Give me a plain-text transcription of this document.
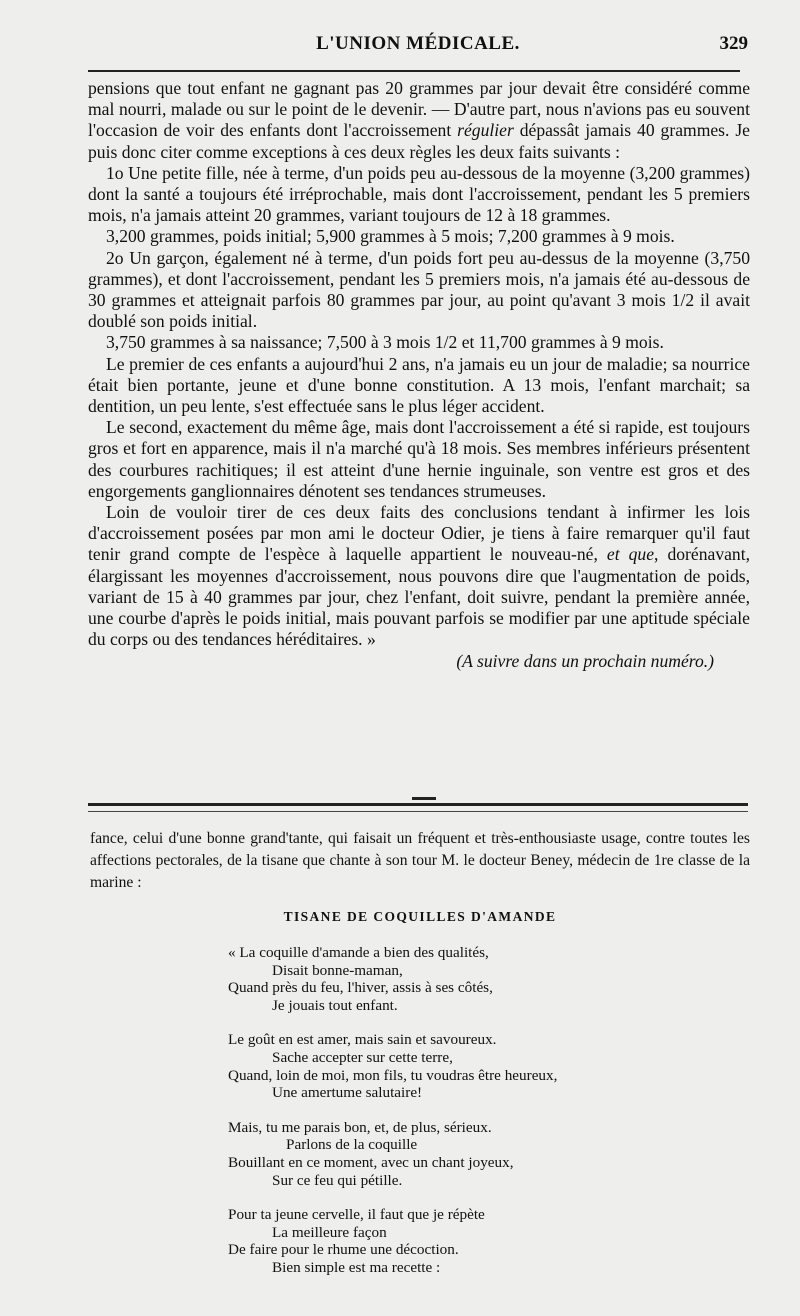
L'UNION MÉDICALE.	329

pensions que tout enfant ne gagnant pas 20 grammes par jour devait être considéré comme mal nourri, malade ou sur le point de le devenir. — D'autre part, nous n'avions pas eu souvent l'occasion de voir des enfants dont l'accroissement régulier dépassât jamais 40 grammes. Je puis donc citer comme exceptions à ces deux règles les deux faits suivants :

1o Une petite fille, née à terme, d'un poids peu au-dessous de la moyenne (3,200 grammes) dont la santé a toujours été irréprochable, mais dont l'accroissement, pendant les 5 premiers mois, n'a jamais atteint 20 grammes, variant toujours de 12 à 18 grammes.

3,200 grammes, poids initial; 5,900 grammes à 5 mois; 7,200 grammes à 9 mois.

2o Un garçon, également né à terme, d'un poids fort peu au-dessus de la moyenne (3,750 grammes), et dont l'accroissement, pendant les 5 premiers mois, n'a jamais été au-dessous de 30 grammes et atteignait parfois 80 grammes par jour, au point qu'avant 3 mois 1/2 il avait doublé son poids initial.

3,750 grammes à sa naissance; 7,500 à 3 mois 1/2 et 11,700 grammes à 9 mois.

Le premier de ces enfants a aujourd'hui 2 ans, n'a jamais eu un jour de maladie; sa nourrice était bien portante, jeune et d'une bonne constitution. A 13 mois, l'enfant marchait; sa dentition, un peu lente, s'est effectuée sans le plus léger accident.

Le second, exactement du même âge, mais dont l'accroissement a été si rapide, est toujours gros et fort en apparence, mais il n'a marché qu'à 18 mois. Ses membres inférieurs présentent des courbures rachitiques; il est atteint d'une hernie inguinale, son ventre est gros et des engorgements ganglionnaires dénotent ses tendances strumeuses.

Loin de vouloir tirer de ces deux faits des conclusions tendant à infirmer les lois d'accroissement posées par mon ami le docteur Odier, je tiens à faire remarquer qu'il faut tenir grand compte de l'espèce à laquelle appartient le nouveau-né, et que, dorénavant, élargissant les moyennes d'accroissement, nous pouvons dire que l'augmentation de poids, variant de 15 à 40 grammes par jour, chez l'enfant, doit suivre, pendant la première année, une courbe d'après le poids initial, mais pouvant parfois se modifier par une aptitude spéciale du corps ou des tendances héréditaires. »

(A suivre dans un prochain numéro.)

fance, celui d'une bonne grand'tante, qui faisait un fréquent et très-enthousiaste usage, contre toutes les affections pectorales, de la tisane que chante à son tour M. le docteur Beney, médecin de 1re classe de la marine :

TISANE DE COQUILLES D'AMANDE
« La coquille d'amande a bien des qualités,
Disait bonne-maman,
Quand près du feu, l'hiver, assis à ses côtés,
Je jouais tout enfant.
Le goût en est amer, mais sain et savoureux.
Sache accepter sur cette terre,
Quand, loin de moi, mon fils, tu voudras être heureux,
Une amertume salutaire!
Mais, tu me parais bon, et, de plus, sérieux.
Parlons de la coquille
Bouillant en ce moment, avec un chant joyeux,
Sur ce feu qui pétille.
Pour ta jeune cervelle, il faut que je répète
La meilleure façon
De faire pour le rhume une décoction.
Bien simple est ma recette :
